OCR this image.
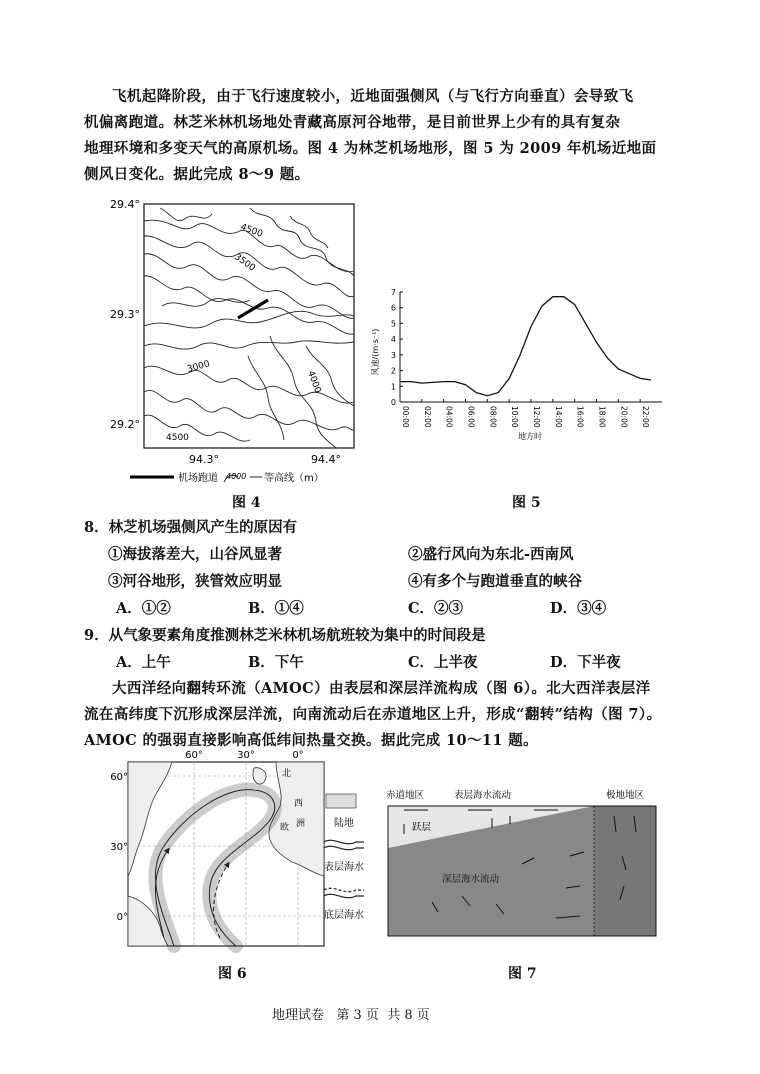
飞机起降阶段，由于飞行速度较小，近地面强侧风（与飞行方向垂直）会导致飞
机偏离跑道。林芝米林机场地处青藏高原河谷地带，是目前世界上少有的具有复杂
地理环境和多变天气的高原机场。图 4 为林芝机场地形，图 5 为 2009 年机场近地面
侧风日变化。据此完成 8～9 题。
4500
3500
3000
4000
4500
29.4°
29.3°
29.2°
94.3°	94.4°
机场跑道 4000 等高线（m）
图 4
风速/(m·s⁻¹)
地方时
0
1
2
3
4
5
6
7
00:00 02:00 04:00 06:00 08:00 10:00 12:00 14:00 16:00 18:00 20:00 22:00
图 5
8．林芝机场强侧风产生的原因有
①海拔落差大，山谷风显著	②盛行风向为东北-西南风
③河谷地形，狭管效应明显	④有多个与跑道垂直的峡谷
A．①②	B．①④	C．②③	D．③④
9．从气象要素角度推测林芝米林机场航班较为集中的时间段是
A．上午	B．下午	C．上半夜	D．下半夜
大西洋经向翻转环流（AMOC）由表层和深层洋流构成（图 6）。北大西洋表层洋
流在高纬度下沉形成深层洋流，向南流动后在赤道地区上升，形成“翻转”结构（图 7）。
AMOC 的强弱直接影响高低纬间热量交换。据此完成 10～11 题。
60°
30°
0°
60°	30°	0°
北
西
欧 洲	陆地
表层海水
底层海水
图 6
赤道地区	表层海水流动	极地地区
跃层
深层海水流动
图 7
地理试卷   第 3 页  共 8 页
